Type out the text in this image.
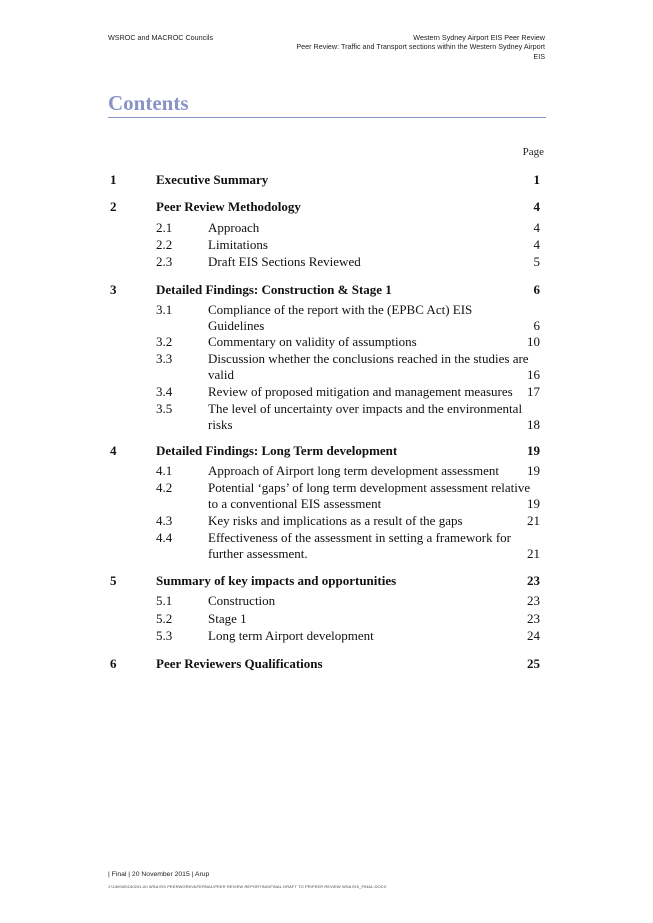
WSROC and MACROC Councils	Western Sydney Airport EIS Peer Review
Peer Review: Traffic and Transport sections within the Western Sydney Airport
EIS
Contents
Page
1	Executive Summary	1
2	Peer Review Methodology	4
2.1	Approach	4
2.2	Limitations	4
2.3	Draft EIS Sections Reviewed	5
3	Detailed Findings: Construction & Stage 1	6
3.1	Compliance of the report with the (EPBC Act) EIS Guidelines	6
3.2	Commentary on validity of assumptions	10
3.3	Discussion whether the conclusions reached in the studies are valid	16
3.4	Review of proposed mitigation and management measures	17
3.5	The level of uncertainty over impacts and the environmental risks	18
4	Detailed Findings: Long Term development	19
4.1	Approach of Airport long term development assessment	19
4.2	Potential ‘gaps’ of long term development assessment relative to a conventional EIS assessment	19
4.3	Key risks and implications as a result of the gaps	21
4.4	Effectiveness of the assessment in setting a framework for further assessment.	21
5	Summary of key impacts and opportunities	23
5.1	Construction	23
5.2	Stage 1	23
5.3	Long term Airport development	24
6	Peer Reviewers Qualifications	25
| Final | 20 November 2015 | Arup
J:\240000\240241-00 WSA EIS PEERWORK\INTERNAL\PEER REVIEW REPORTING\FINAL DRAFT TO PR\PEER REVIEW WSA EIS_FINAL.DOCX
